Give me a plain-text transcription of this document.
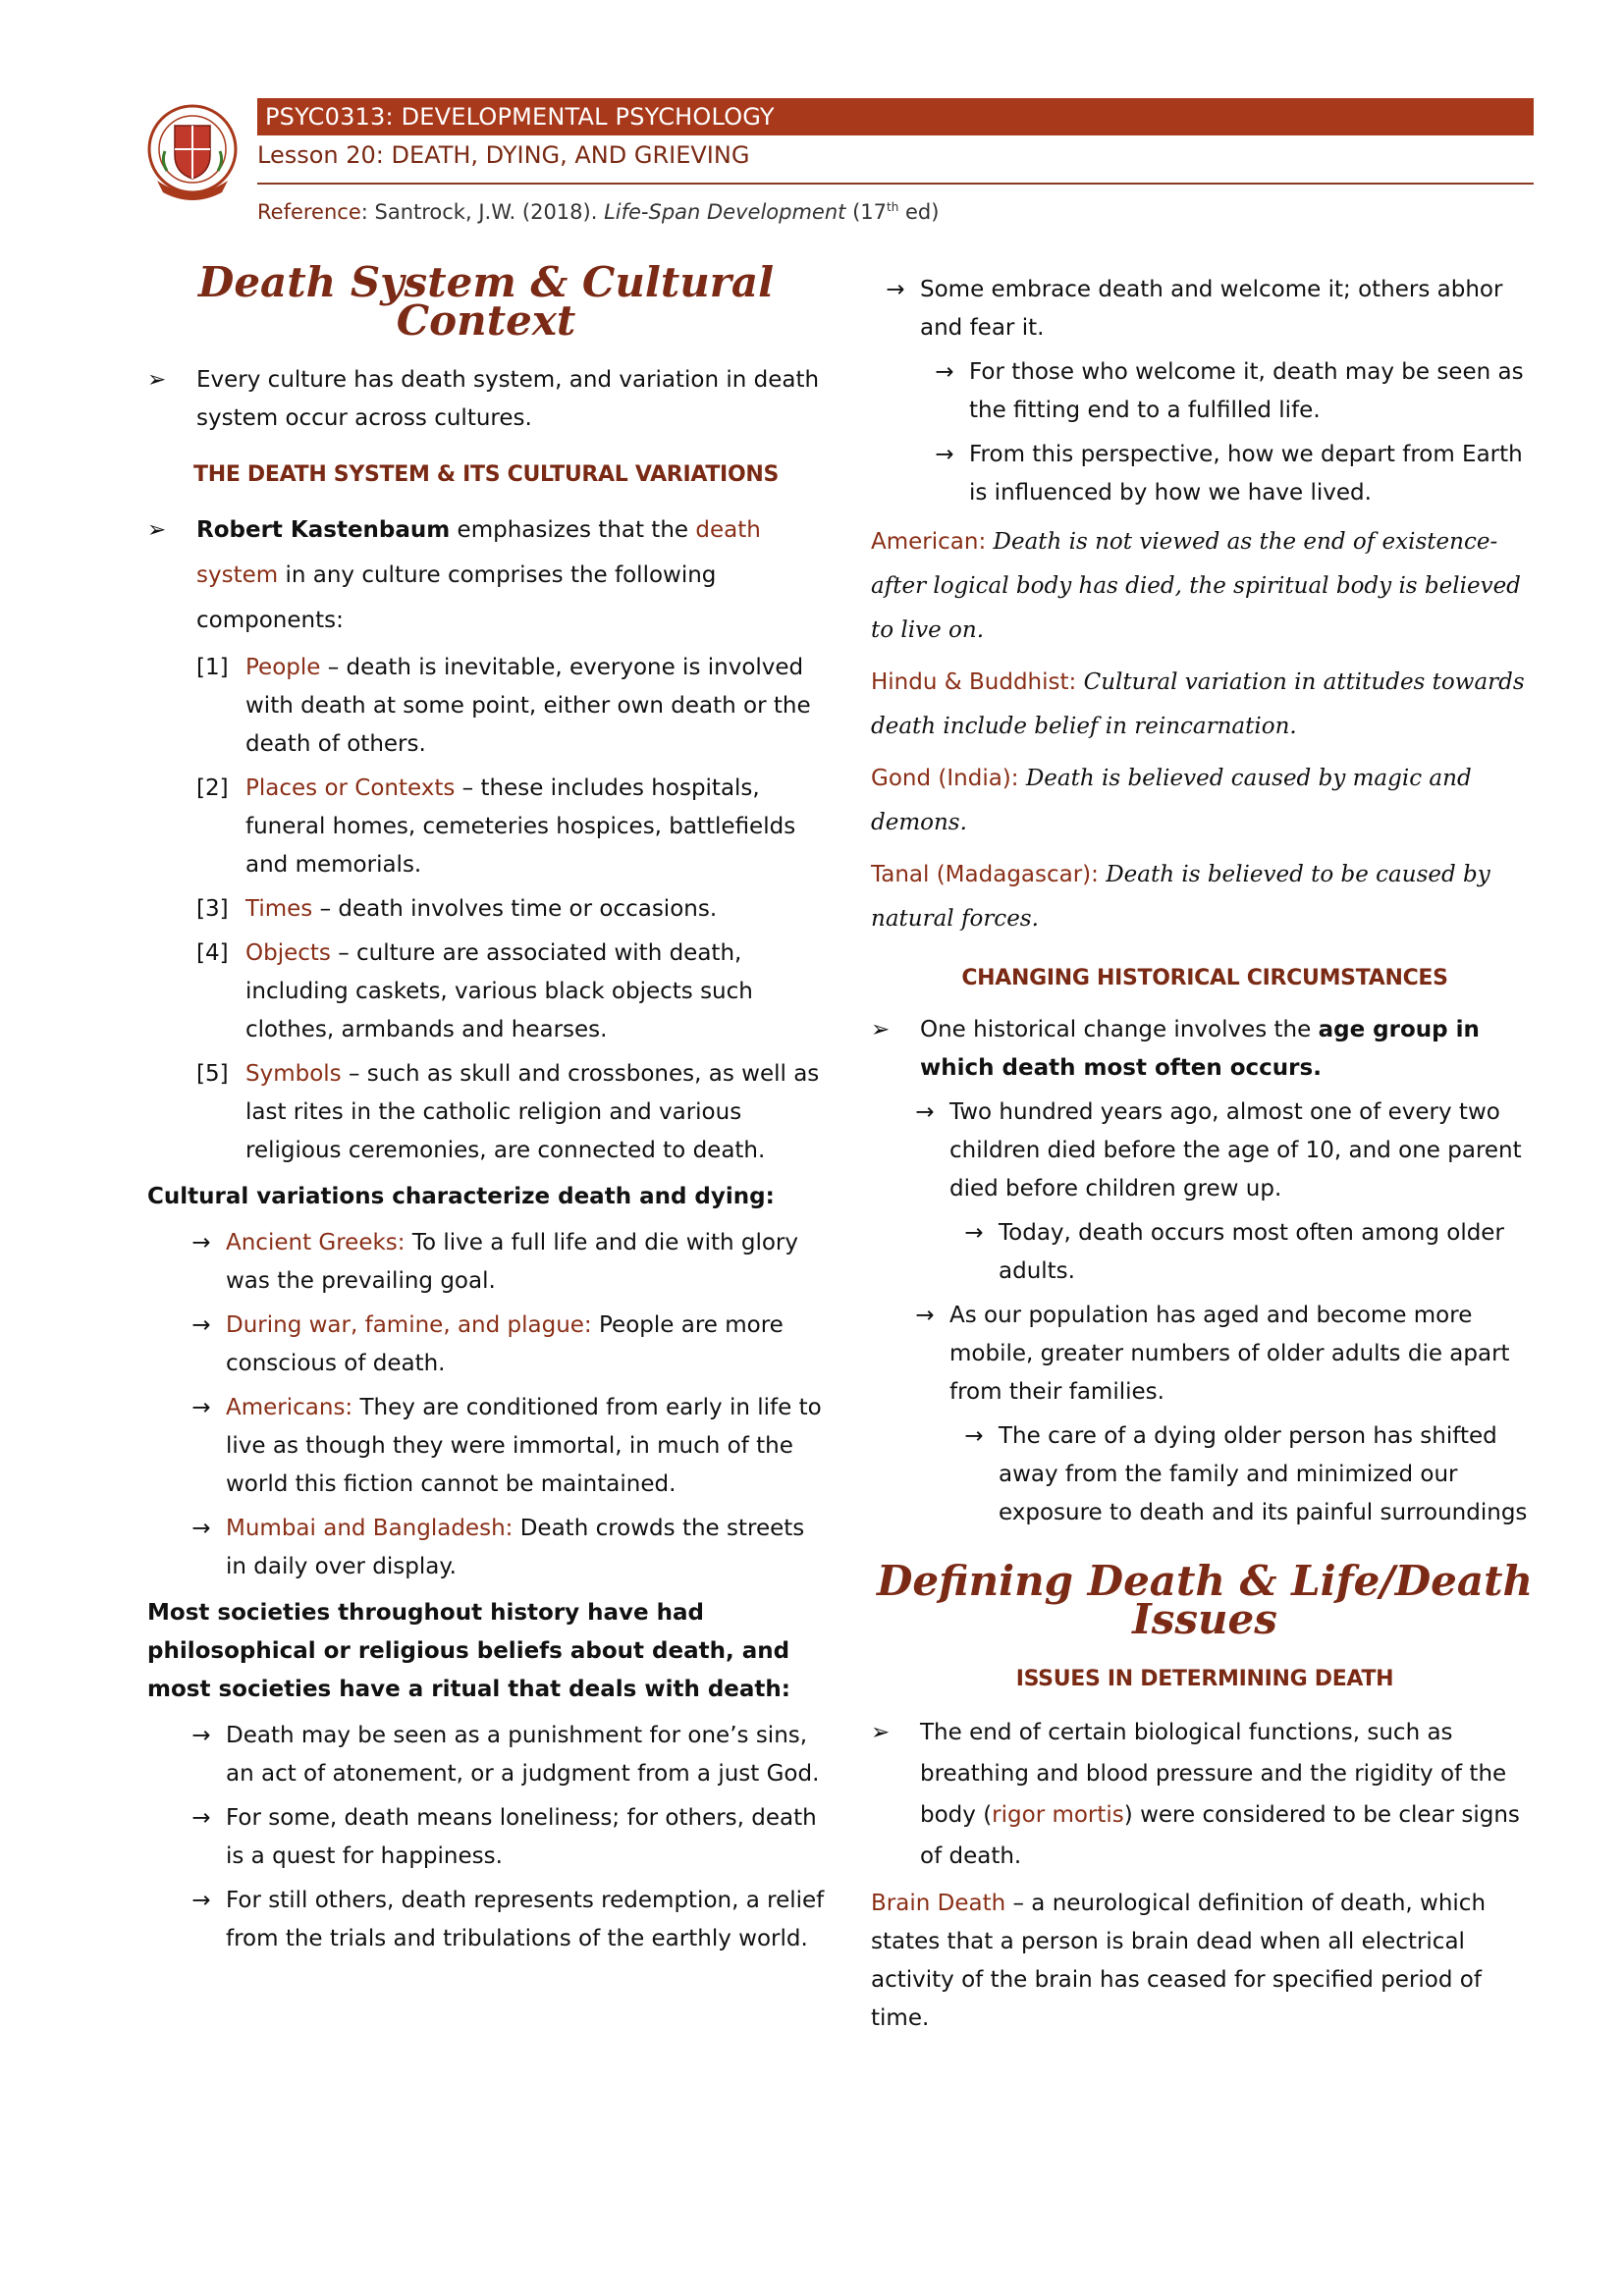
PSYC0313: DEVELOPMENTAL PSYCHOLOGY
Lesson 20: DEATH, DYING, AND GRIEVING
Reference: Santrock, J.W. (2018). Life-Span Development (17th ed)
Death System & Cultural Context
➢	Every culture has death system, and variation in death system occur across cultures.
THE DEATH SYSTEM & ITS CULTURAL VARIATIONS
➢	Robert Kastenbaum emphasizes that the death system in any culture comprises the following components:
[1] People – death is inevitable, everyone is involved with death at some point, either own death or the death of others.
[2] Places or Contexts – these includes hospitals, funeral homes, cemeteries hospices, battlefields and memorials.
[3] Times – death involves time or occasions.
[4] Objects – culture are associated with death, including caskets, various black objects such clothes, armbands and hearses.
[5] Symbols – such as skull and crossbones, as well as last rites in the catholic religion and various religious ceremonies, are connected to death.
Cultural variations characterize death and dying:
→ Ancient Greeks: To live a full life and die with glory was the prevailing goal.
→ During war, famine, and plague: People are more conscious of death.
→ Americans: They are conditioned from early in life to live as though they were immortal, in much of the world this fiction cannot be maintained.
→ Mumbai and Bangladesh: Death crowds the streets in daily over display.
Most societies throughout history have had philosophical or religious beliefs about death, and most societies have a ritual that deals with death:
→ Death may be seen as a punishment for one’s sins, an act of atonement, or a judgment from a just God.
→ For some, death means loneliness; for others, death is a quest for happiness.
→ For still others, death represents redemption, a relief from the trials and tribulations of the earthly world.
→ Some embrace death and welcome it; others abhor and fear it.
→ For those who welcome it, death may be seen as the fitting end to a fulfilled life.
→ From this perspective, how we depart from Earth is influenced by how we have lived.
American: Death is not viewed as the end of existence- after logical body has died, the spiritual body is believed to live on.
Hindu & Buddhist: Cultural variation in attitudes towards death include belief in reincarnation.
Gond (India): Death is believed caused by magic and demons.
Tanal (Madagascar): Death is believed to be caused by natural forces.
CHANGING HISTORICAL CIRCUMSTANCES
➢	One historical change involves the age group in which death most often occurs.
→ Two hundred years ago, almost one of every two children died before the age of 10, and one parent died before children grew up.
→ Today, death occurs most often among older adults.
→ As our population has aged and become more mobile, greater numbers of older adults die apart from their families.
→ The care of a dying older person has shifted away from the family and minimized our exposure to death and its painful surroundings
Defining Death & Life/Death Issues
ISSUES IN DETERMINING DEATH
➢	The end of certain biological functions, such as breathing and blood pressure and the rigidity of the body (rigor mortis) were considered to be clear signs of death.
Brain Death – a neurological definition of death, which states that a person is brain dead when all electrical activity of the brain has ceased for specified period of time.
